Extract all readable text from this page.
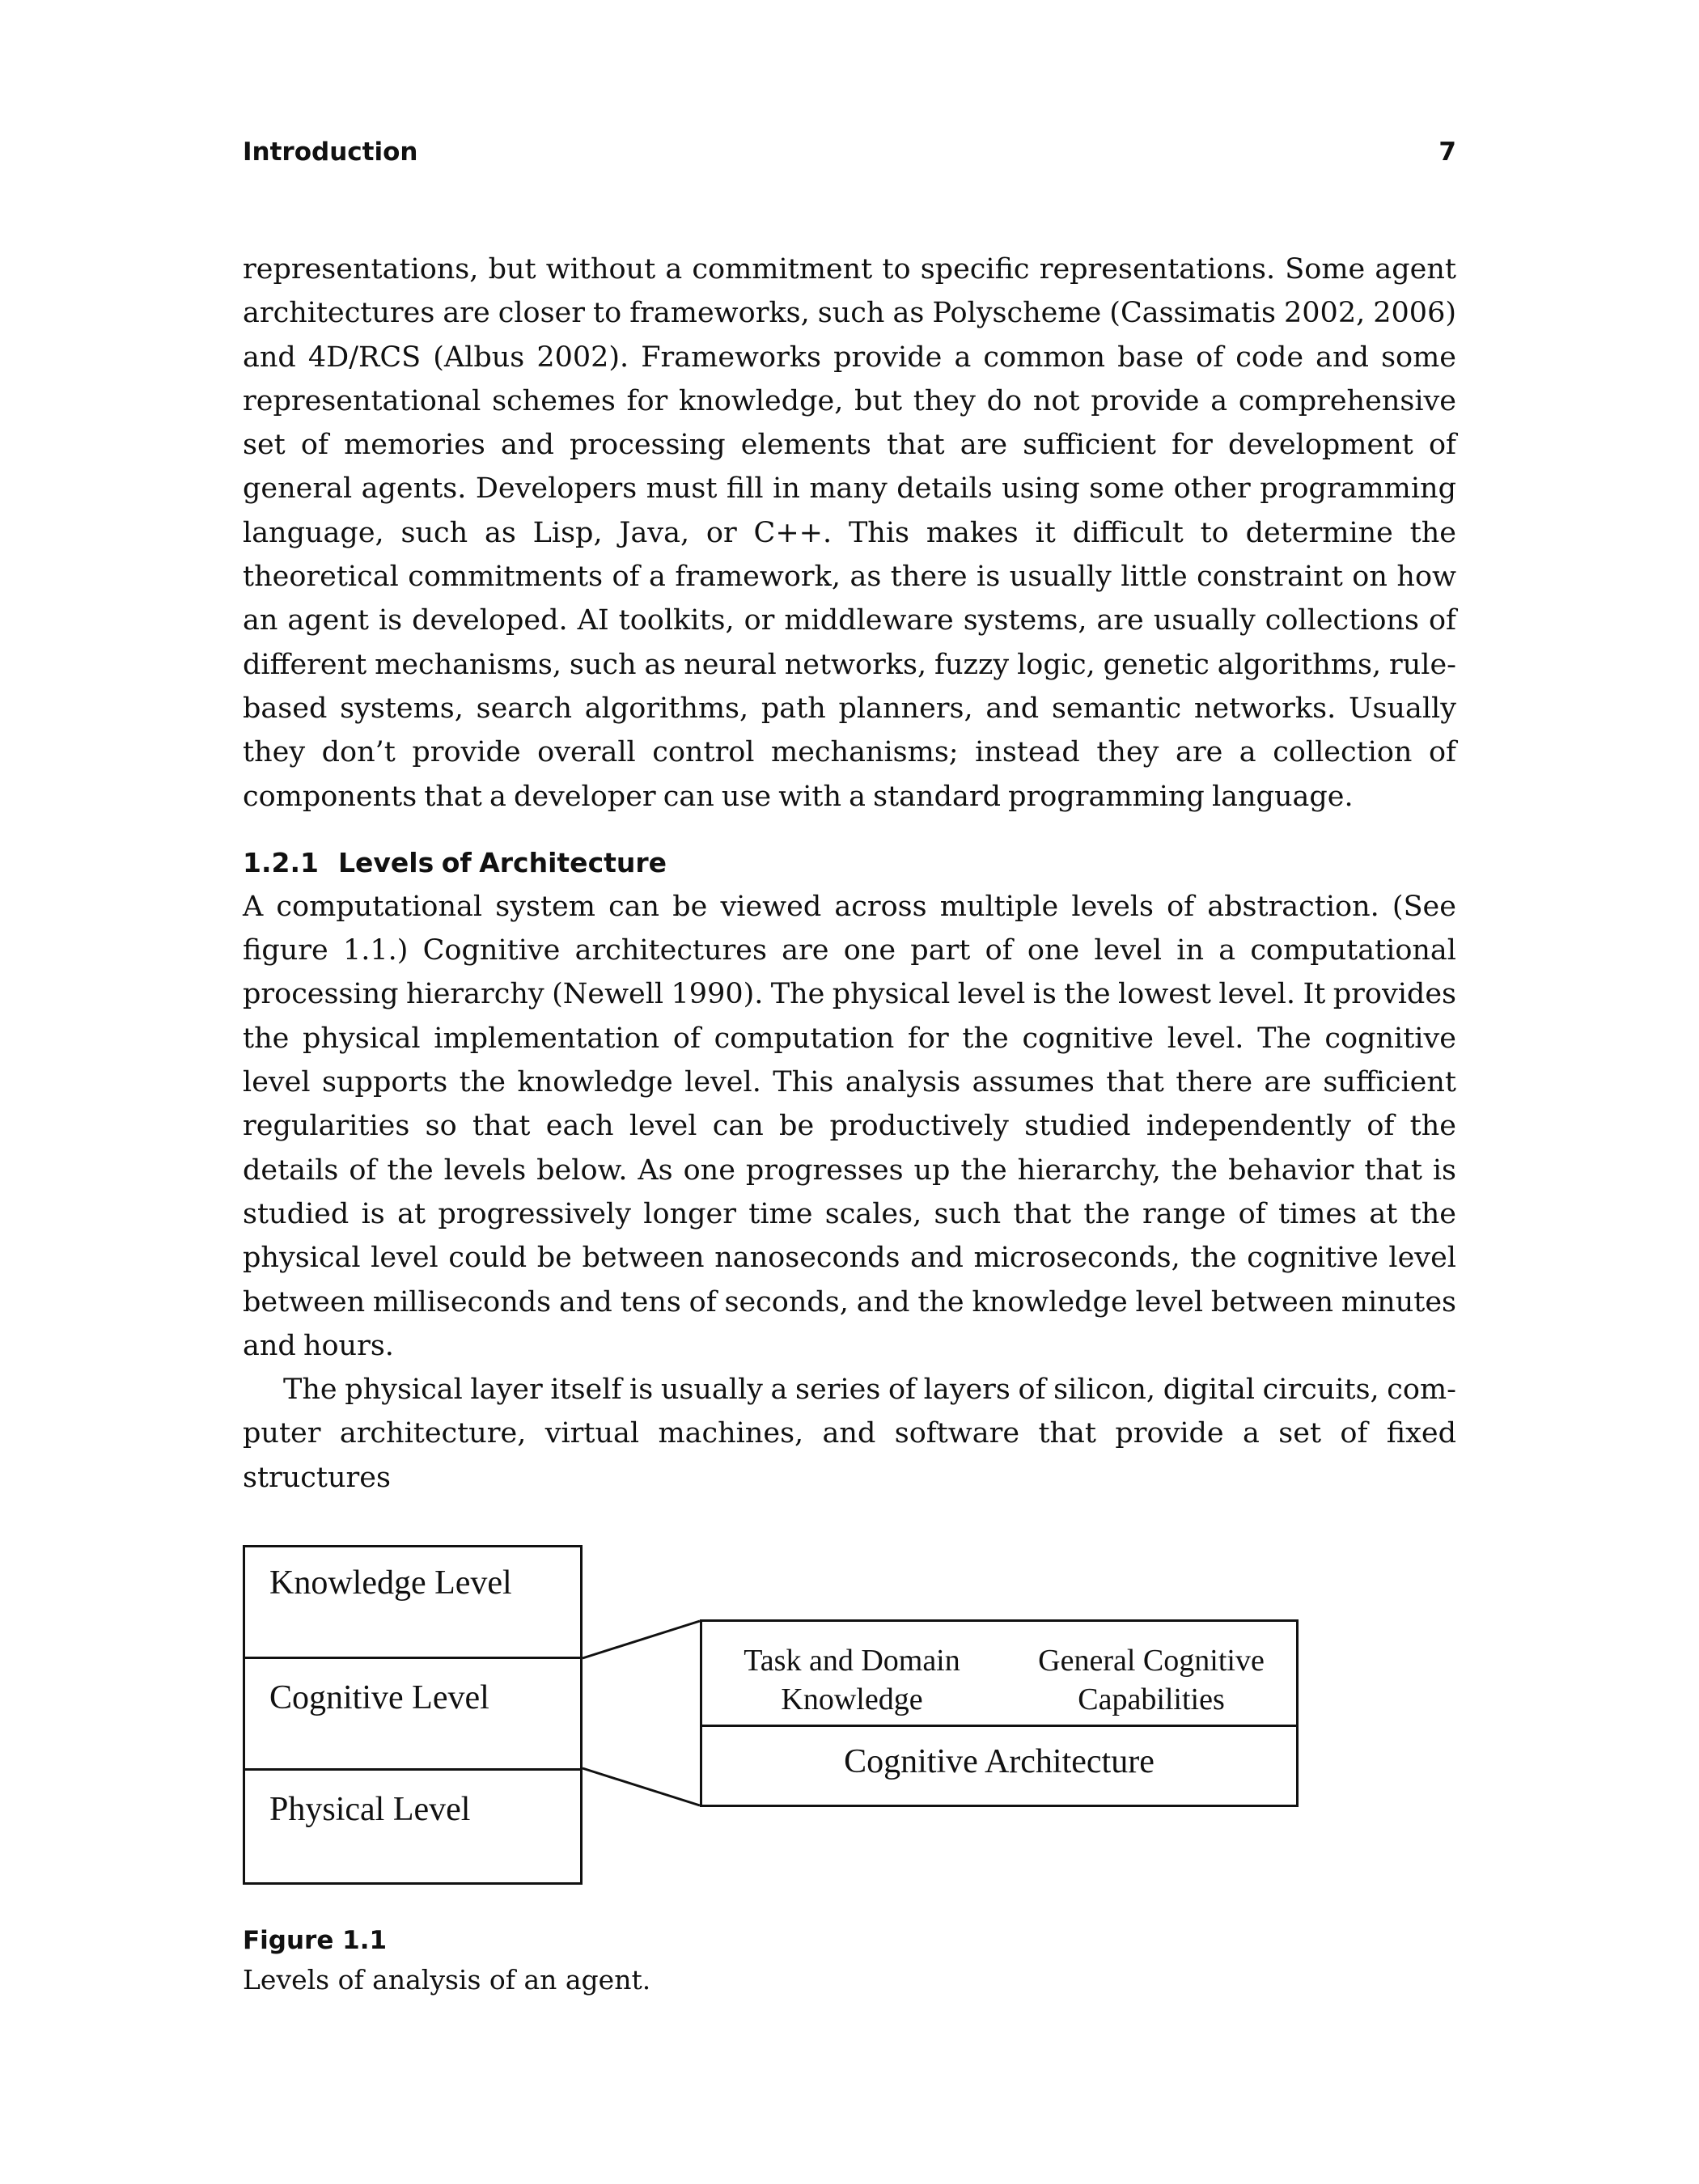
Introduction	7

representations, but without a commitment to specific representations. Some agent architectures are closer to frameworks, such as Polyscheme (Cassimatis 2002, 2006) and 4D/RCS (Albus 2002). Frameworks provide a common base of code and some representational schemes for knowledge, but they do not provide a comprehensive set of memories and processing elements that are sufficient for development of general agents. Developers must fill in many details using some other programming language, such as Lisp, Java, or C++. This makes it difficult to determine the theoretical commitments of a framework, as there is usually little constraint on how an agent is developed. AI toolkits, or middleware systems, are usually collections of different mechanisms, such as neural networks, fuzzy logic, genetic algorithms, rule-based systems, search algorithms, path planners, and semantic networks. Usually they don’t provide overall control mechanisms; instead they are a collection of components that a developer can use with a standard programming language.

1.2.1 Levels of Architecture

A computational system can be viewed across multiple levels of abstraction. (See figure 1.1.) Cognitive architectures are one part of one level in a computational processing hierarchy (Newell 1990). The physical level is the lowest level. It provides the physical implementation of computation for the cognitive level. The cognitive level supports the knowledge level. This analysis assumes that there are sufficient regularities so that each level can be productively studied independently of the details of the levels below. As one progresses up the hierarchy, the behavior that is studied is at progressively longer time scales, such that the range of times at the physical level could be between nanoseconds and microseconds, the cognitive level between milliseconds and tens of seconds, and the knowledge level between minutes and hours.

The physical layer itself is usually a series of layers of silicon, digital circuits, computer architecture, virtual machines, and software that provide a set of fixed structures

Knowledge Level
Cognitive Level
Physical Level
Task and Domain
Knowledge
General Cognitive
Capabilities
Cognitive Architecture
Figure 1.1
Levels of analysis of an agent.
